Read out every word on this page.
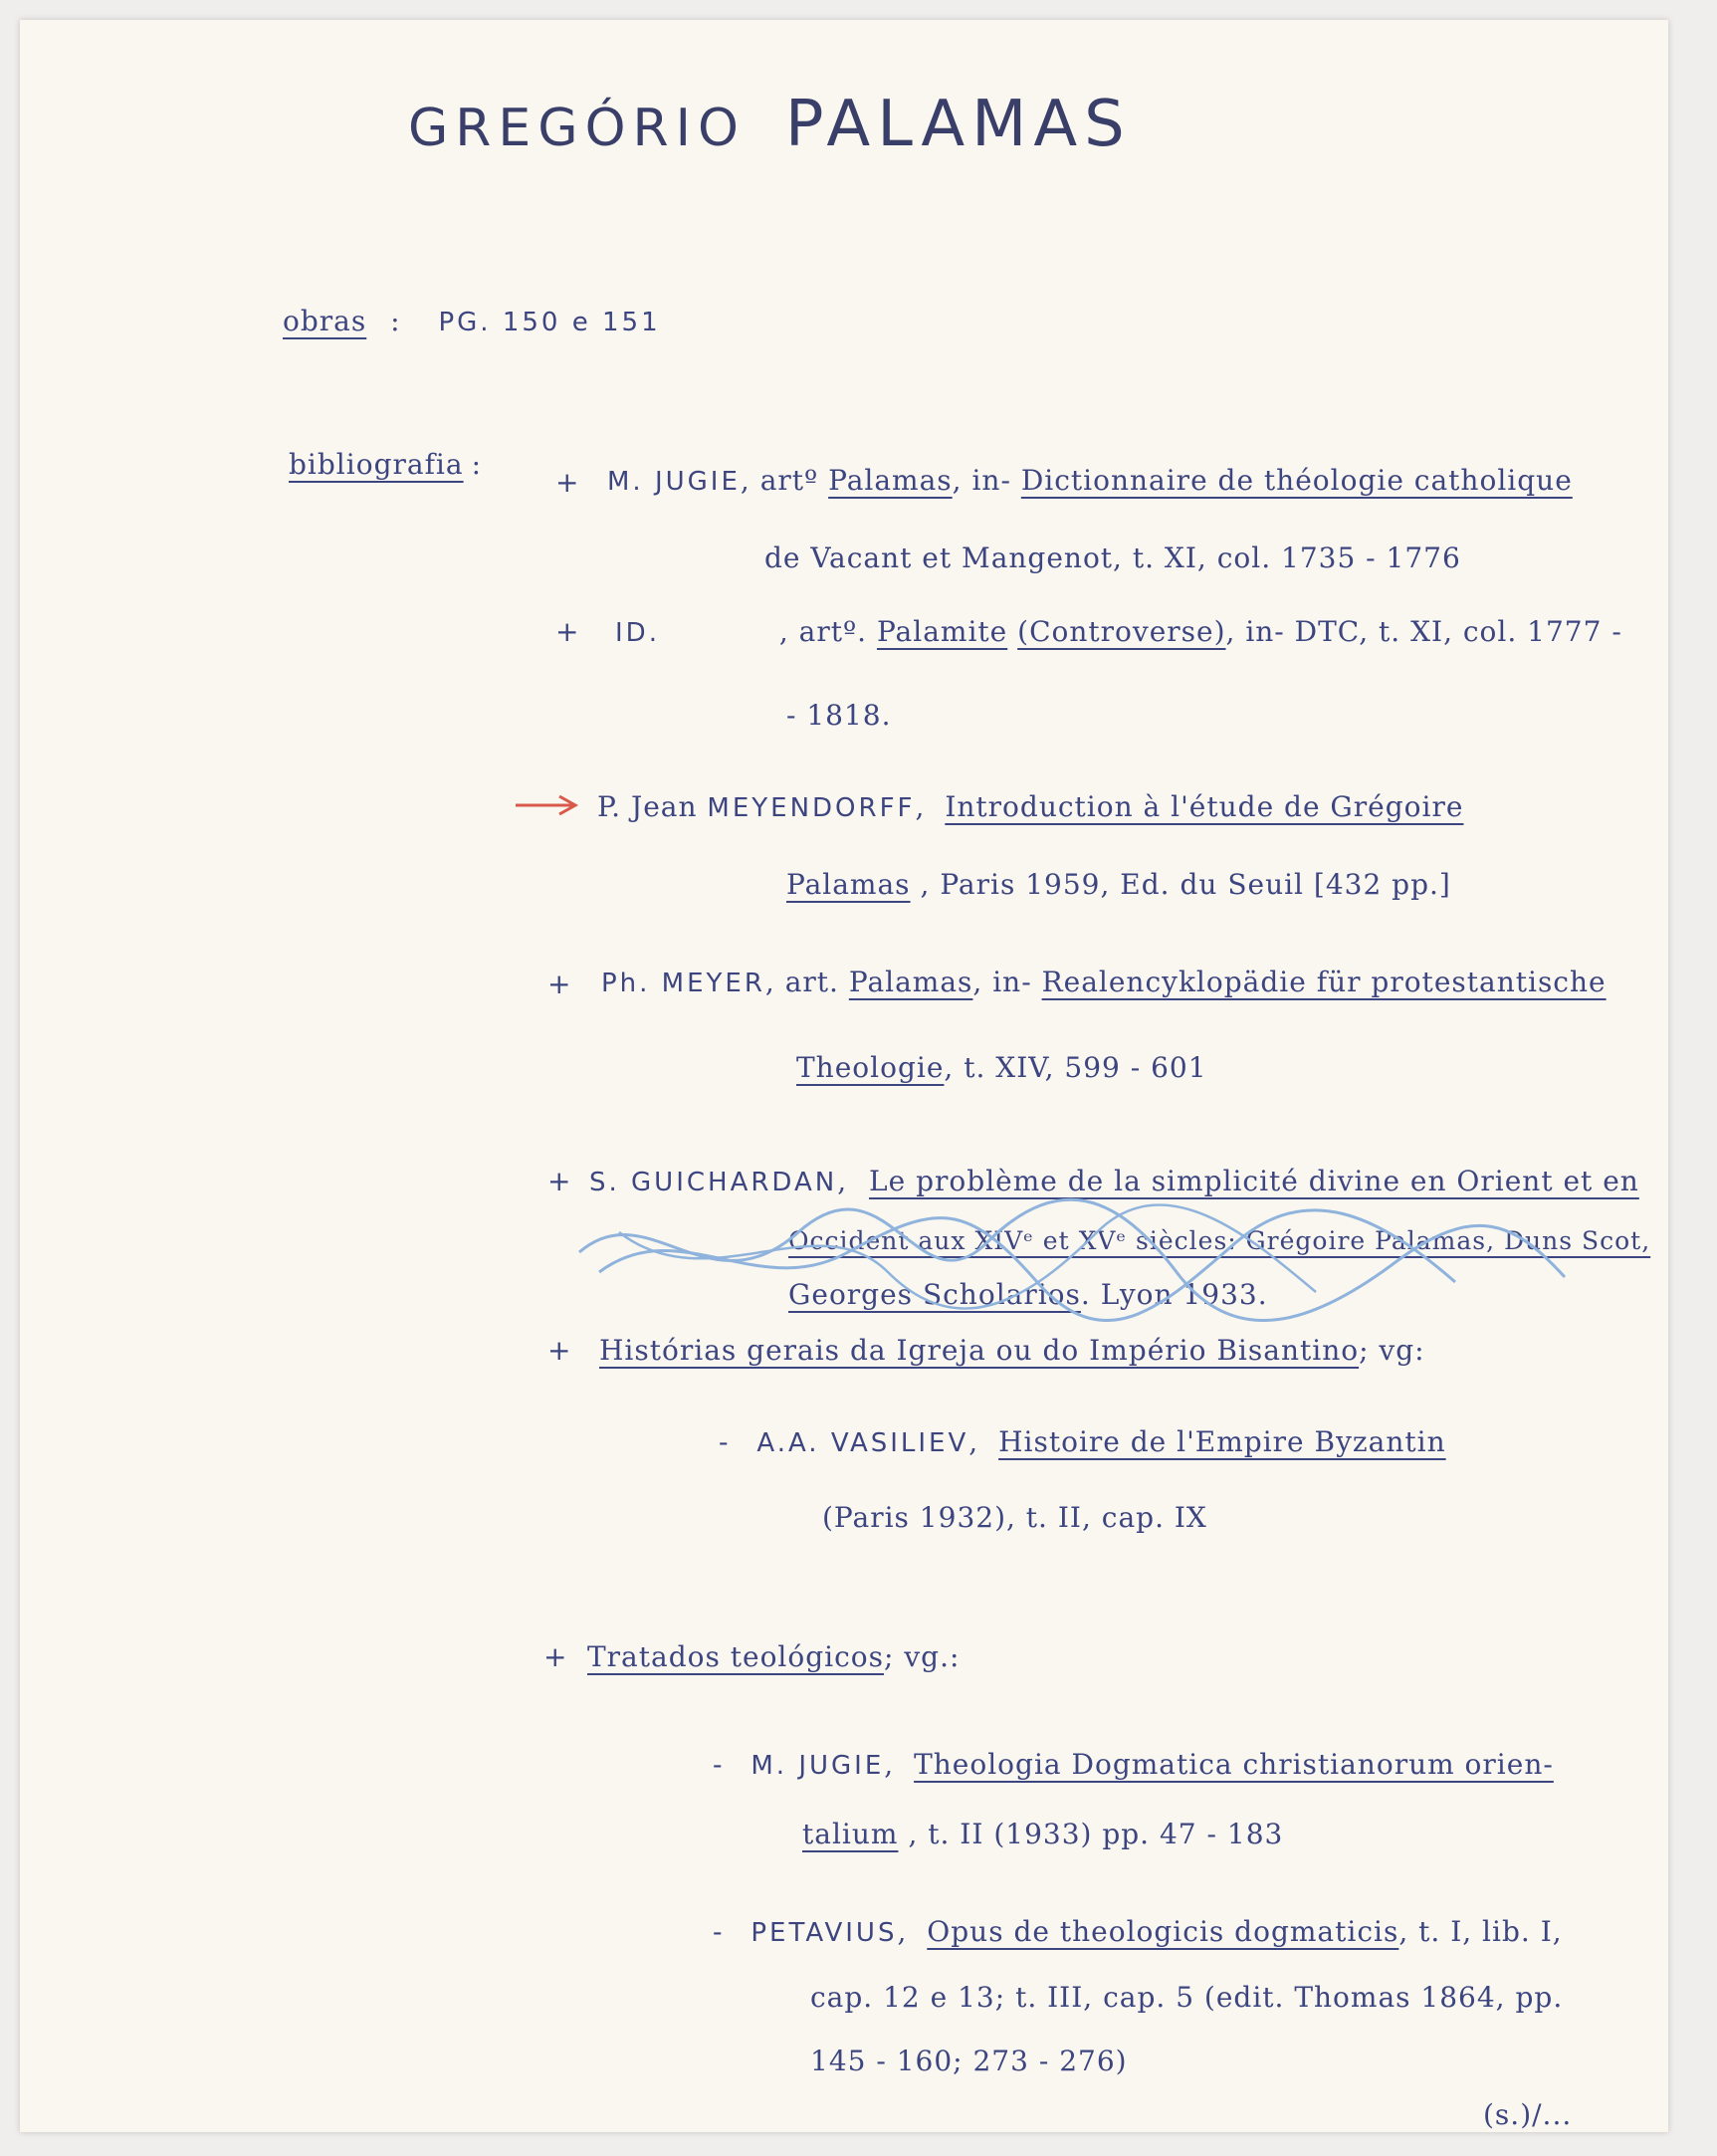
GREGÓRIO PALAMAS
obras : PG. 150 e 151
bibliografia :
+ M. JUGIE, artº Palamas, in- Dictionnaire de théologie catholique
de Vacant et Mangenot, t. XI, col. 1735 - 1776
+ ID.	, artº. Palamite (Controverse), in- DTC, t. XI, col. 1777 -
- 1818.
P. Jean MEYENDORFF, Introduction à l'étude de Grégoire
Palamas , Paris 1959, Ed. du Seuil [432 pp.]
+ Ph. MEYER, art. Palamas, in- Realencyklopädie für protestantische
Theologie, t. XIV, 599 - 601
+ S. GUICHARDAN, Le problème de la simplicité divine en Orient et en
Occident aux XIVᵉ et XVᵉ siècles: Grégoire Palamas, Duns Scot,
Georges Scholarios. Lyon 1933.
+ Histórias gerais da Igreja ou do Império Bisantino; vg:
- A.A. VASILIEV, Histoire de l'Empire Byzantin
(Paris 1932), t. II, cap. IX
+ Tratados teológicos; vg.:
- M. JUGIE, Theologia Dogmatica christianorum orien-
talium , t. II (1933) pp. 47 - 183
- PETAVIUS, Opus de theologicis dogmaticis, t. I, lib. I,
cap. 12 e 13; t. III, cap. 5 (edit. Thomas 1864, pp.
145 - 160; 273 - 276)
(s.)/...
